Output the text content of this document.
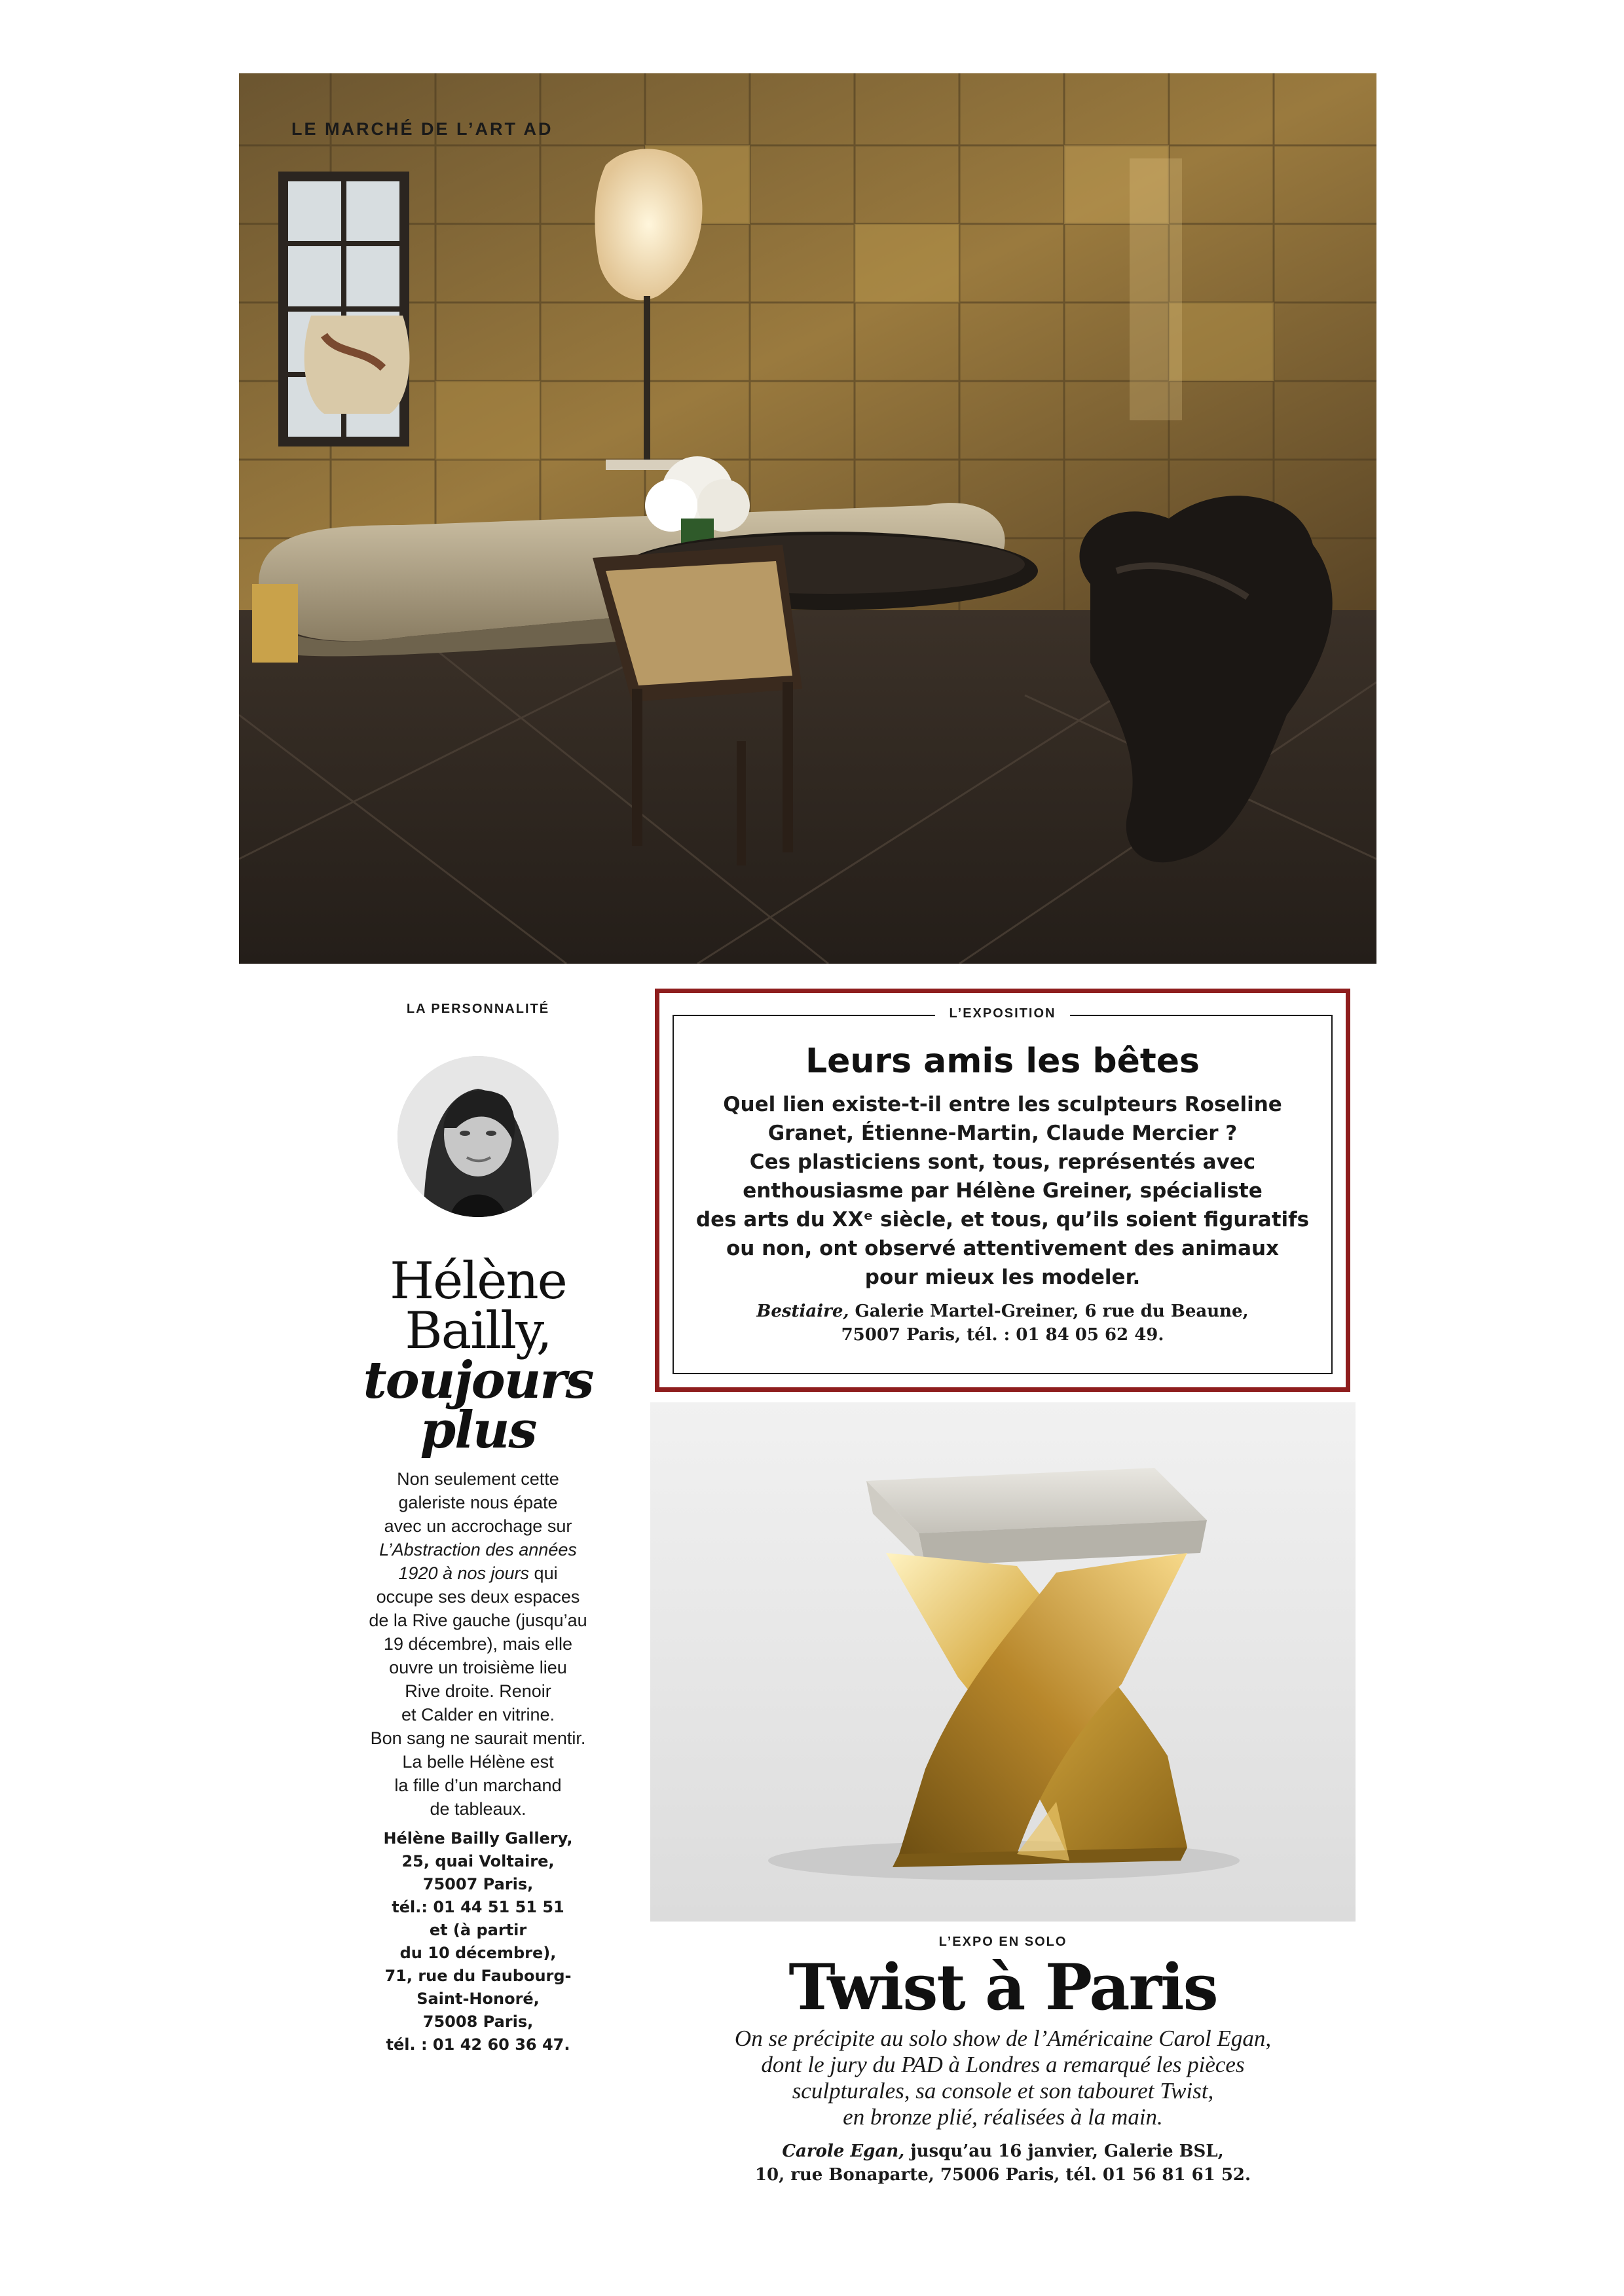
LE MARCHÉ DE L’ART AD
LA PERSONNALITÉ
Hélène
Bailly,
toujours
plus

Non seulement cette

galeriste nous épate

avec un accrochage sur

L’Abstraction des années

1920 à nos jours qui

occupe ses deux espaces

de la Rive gauche (jusqu’au

19 décembre), mais elle

ouvre un troisième lieu

Rive droite. Renoir

et Calder en vitrine.

Bon sang ne saurait mentir.

La belle Hélène est

la fille d’un marchand

de tableaux.

Hélène Bailly Gallery,
25, quai Voltaire,
75007 Paris,
tél.: 01 44 51 51 51
et (à partir
du 10 décembre),
71, rue du Faubourg-
Saint-Honoré,
75008 Paris,
tél. : 01 42 60 36 47.
L’EXPOSITION
Leurs amis les bêtes
Quel lien existe-t-il entre les sculpteurs Roseline
Granet, Étienne-Martin, Claude Mercier ?
Ces plasticiens sont, tous, représentés avec
enthousiasme par Hélène Greiner, spécialiste
des arts du XXᵉ siècle, et tous, qu’ils soient figuratifs
ou non, ont observé attentivement des animaux
pour mieux les modeler.
Bestiaire, Galerie Martel-Greiner, 6 rue du Beaune,
75007 Paris, tél. : 01 84 05 62 49.
L’EXPO EN SOLO
Twist à Paris
On se précipite au solo show de l’Américaine Carol Egan,
dont le jury du PAD à Londres a remarqué les pièces
sculpturales, sa console et son tabouret Twist,
en bronze plié, réalisées à la main.
Carole Egan, jusqu’au 16 janvier, Galerie BSL,
10, rue Bonaparte, 75006 Paris, tél. 01 56 81 61 52.
